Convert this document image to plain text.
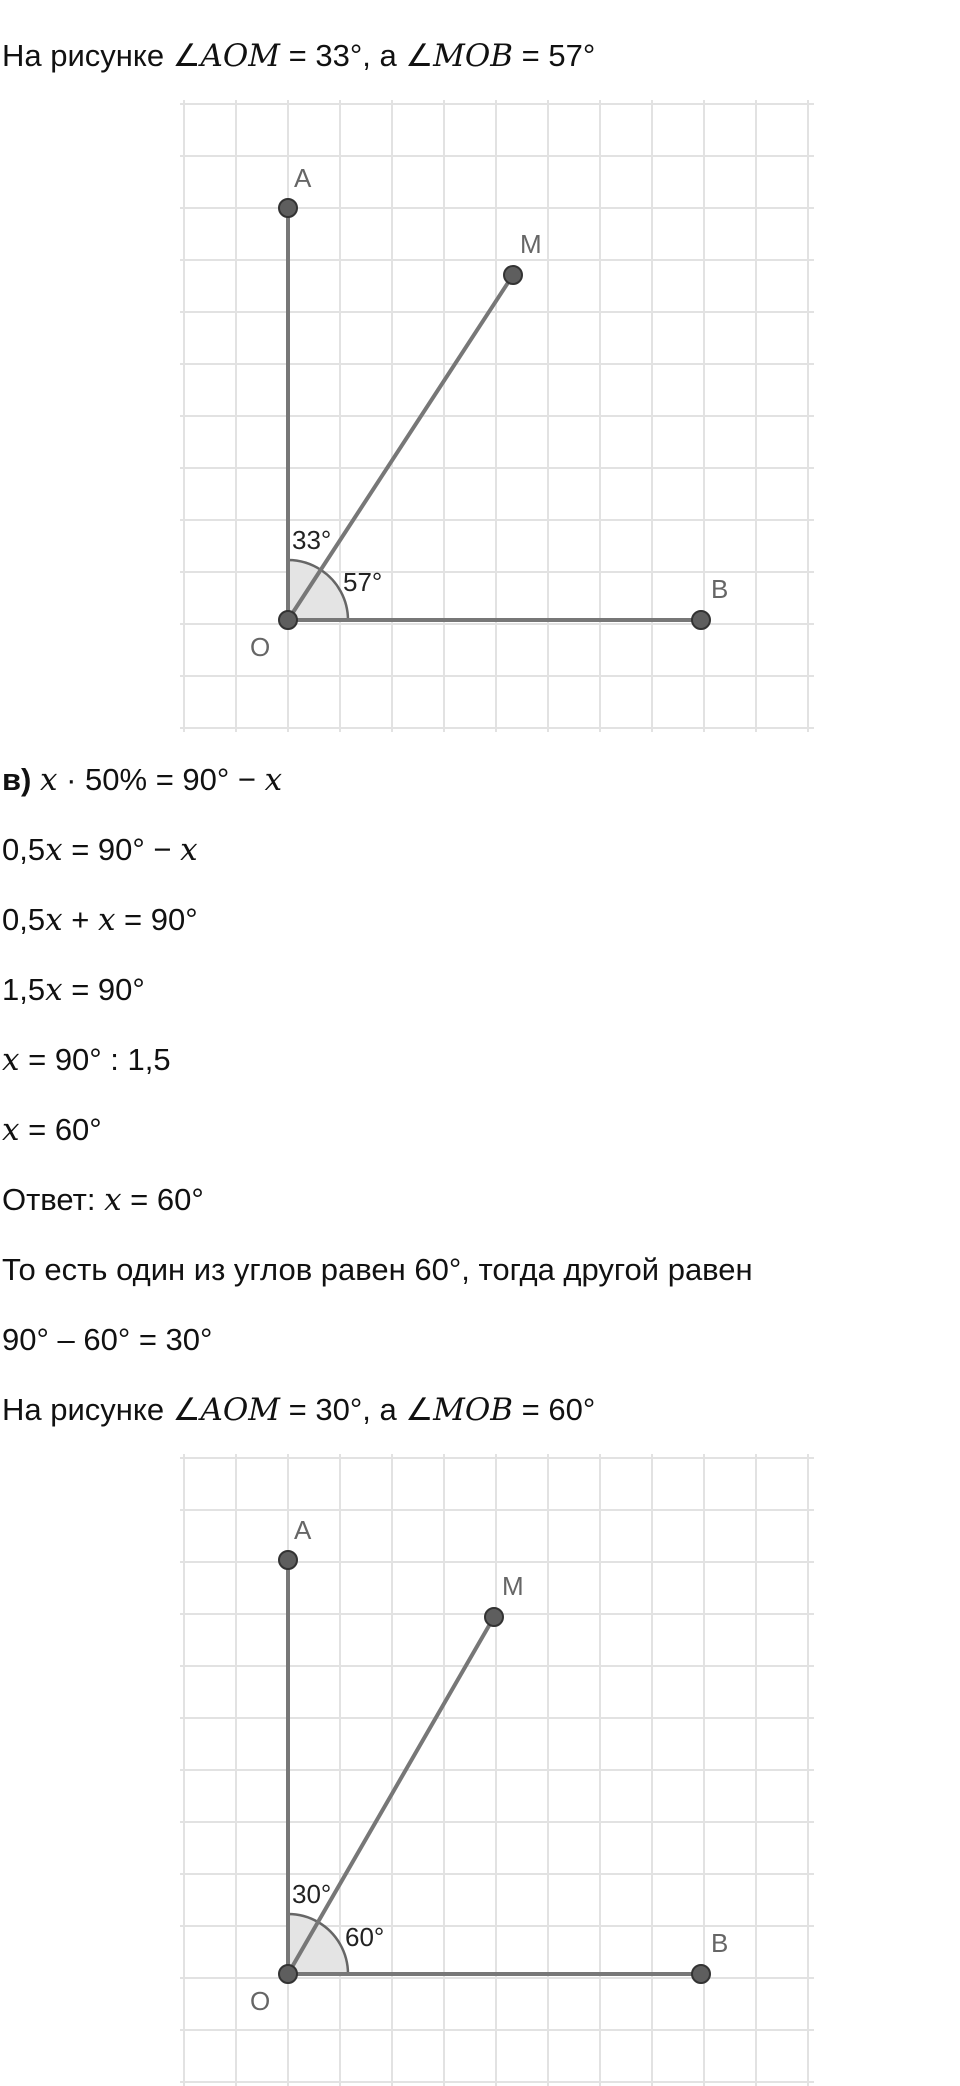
На рисунке ∠AOM = 33°, а ∠MOB = 57°
A
M
B
O
33°
57°
в) x · 50% = 90° − x
0,5x = 90° − x
0,5x + x = 90°
1,5x = 90°
x = 90° : 1,5
x = 60°
Ответ: x = 60°
То есть один из углов равен 60°, тогда другой равен
90° – 60° = 30°
На рисунке ∠AOM = 30°, а ∠MOB = 60°
A
M
B
O
30°
60°
